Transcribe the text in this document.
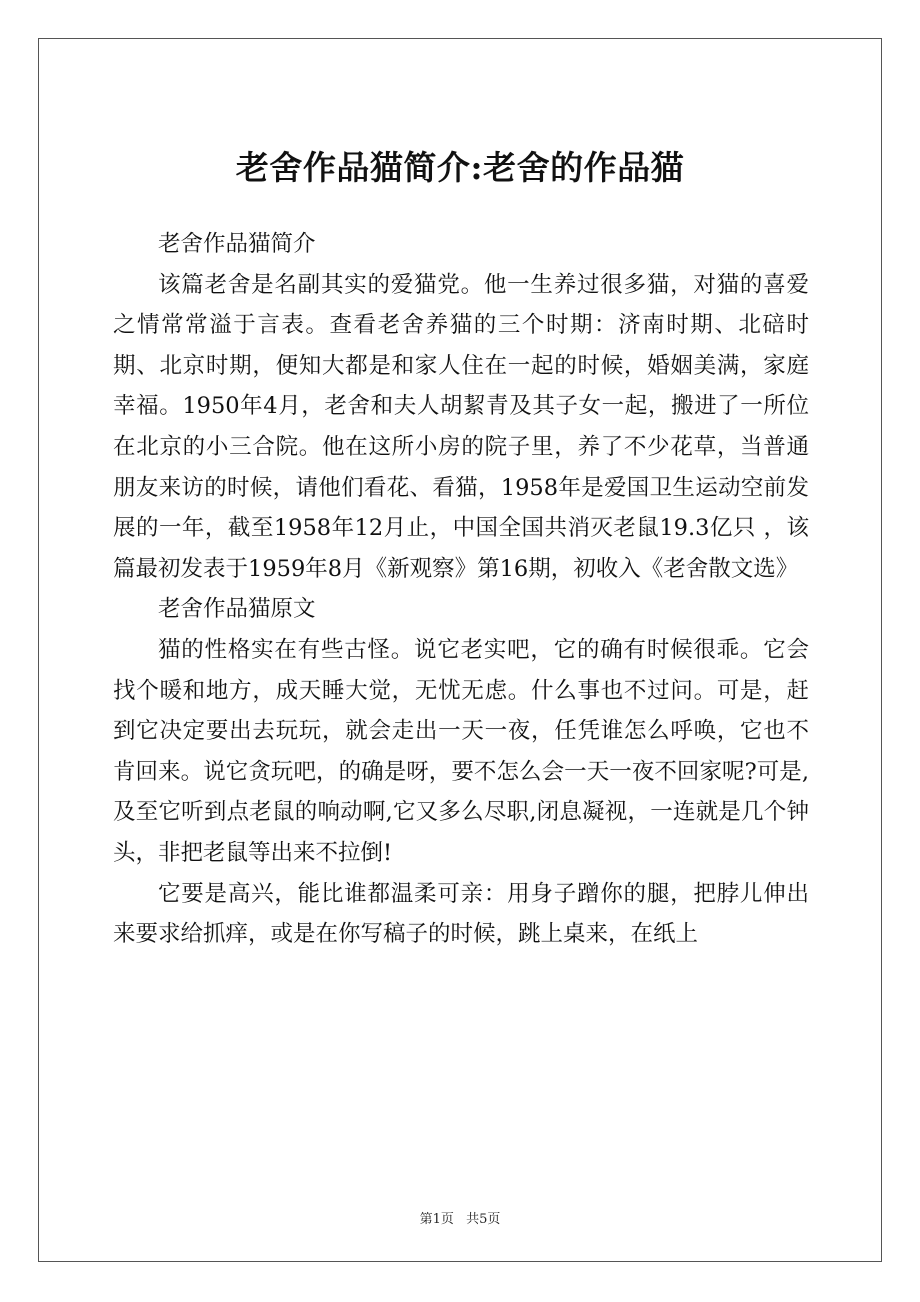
老舍作品猫简介:老舍的作品猫

老舍作品猫简介

该篇老舍是名副其实的爱猫党。他一生养过很多猫，对猫的喜爱之情常常溢于言表。查看老舍养猫的三个时期：济南时期、北碚时期、北京时期，便知大都是和家人住在一起的时候，婚姻美满，家庭幸福。1950年4月，老舍和夫人胡絜青及其子女一起，搬进了一所位在北京的小三合院。他在这所小房的院子里，养了不少花草，当普通朋友来访的时候，请他们看花、看猫，1958年是爱国卫生运动空前发展的一年，截至1958年12月止，中国全国共消灭老鼠19.3亿只 ，该篇最初发表于1959年8月《新观察》第16期，初收入《老舍散文选》

老舍作品猫原文

猫的性格实在有些古怪。说它老实吧，它的确有时候很乖。它会找个暖和地方，成天睡大觉，无忧无虑。什么事也不过问。可是，赶到它决定要出去玩玩，就会走出一天一夜，任凭谁怎么呼唤，它也不肯回来。说它贪玩吧，的确是呀，要不怎么会一天一夜不回家呢?可是,及至它听到点老鼠的响动啊,它又多么尽职,闭息凝视，一连就是几个钟头，非把老鼠等出来不拉倒!

它要是高兴，能比谁都温柔可亲：用身子蹭你的腿，把脖儿伸出来要求给抓痒，或是在你写稿子的时候，跳上桌来，在纸上

第1页 共5页
